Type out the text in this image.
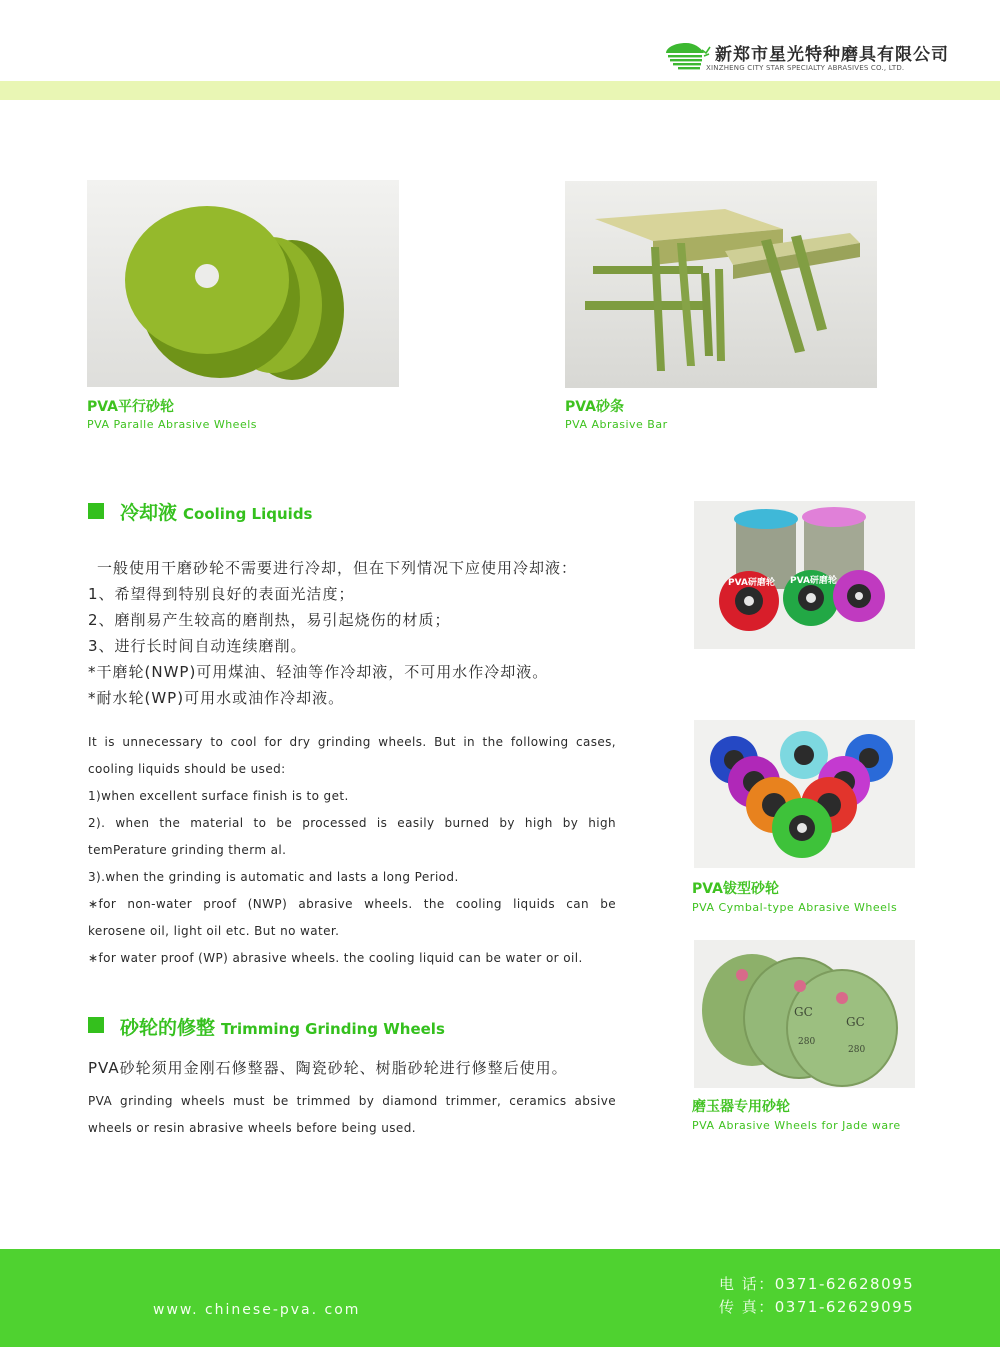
新郑市星光特种磨具有限公司
XINZHENG CITY STAR SPECIALTY ABRASIVES CO., LTD.
PVA平行砂轮
PVA Paralle Abrasive Wheels
PVA砂条
PVA Abrasive Bar
冷却液 Cooling Liquids
一般使用干磨砂轮不需要进行冷却，但在下列情况下应使用冷却液：
1、希望得到特别良好的表面光洁度；
2、磨削易产生较高的磨削热，易引起烧伤的材质；
3、进行长时间自动连续磨削。
*干磨轮(NWP)可用煤油、轻油等作冷却液，不可用水作冷却液。
*耐水轮(WP)可用水或油作冷却液。
It is unnecessary to cool for dry grinding wheels. But in the following cases,
cooling liquids should be used:
1)when excellent surface finish is to get.
2). when the material to be processed is easily burned by high by high
temPerature grinding therm al.
3).when the grinding is automatic and lasts a long Period.
∗for non-water proof (NWP) abrasive wheels. the cooling liquids can be
kerosene oil, light oil etc. But no water.
∗for water proof (WP) abrasive wheels. the cooling liquid can be water or oil.
砂轮的修整 Trimming Grinding Wheels
PVA砂轮须用金刚石修整器、陶瓷砂轮、树脂砂轮进行修整后使用。
PVA grinding wheels must be trimmed by diamond trimmer, ceramics absive
wheels or resin abrasive wheels before being used.
PVA研磨轮 PVA研磨轮
PVA钹型砂轮
PVA Cymbal-type Abrasive Wheels
GC
GC
280
280
磨玉器专用砂轮
PVA Abrasive Wheels for Jade ware
www. chinese-pva. com
电 话：0371-62628095
传 真：0371-62629095
